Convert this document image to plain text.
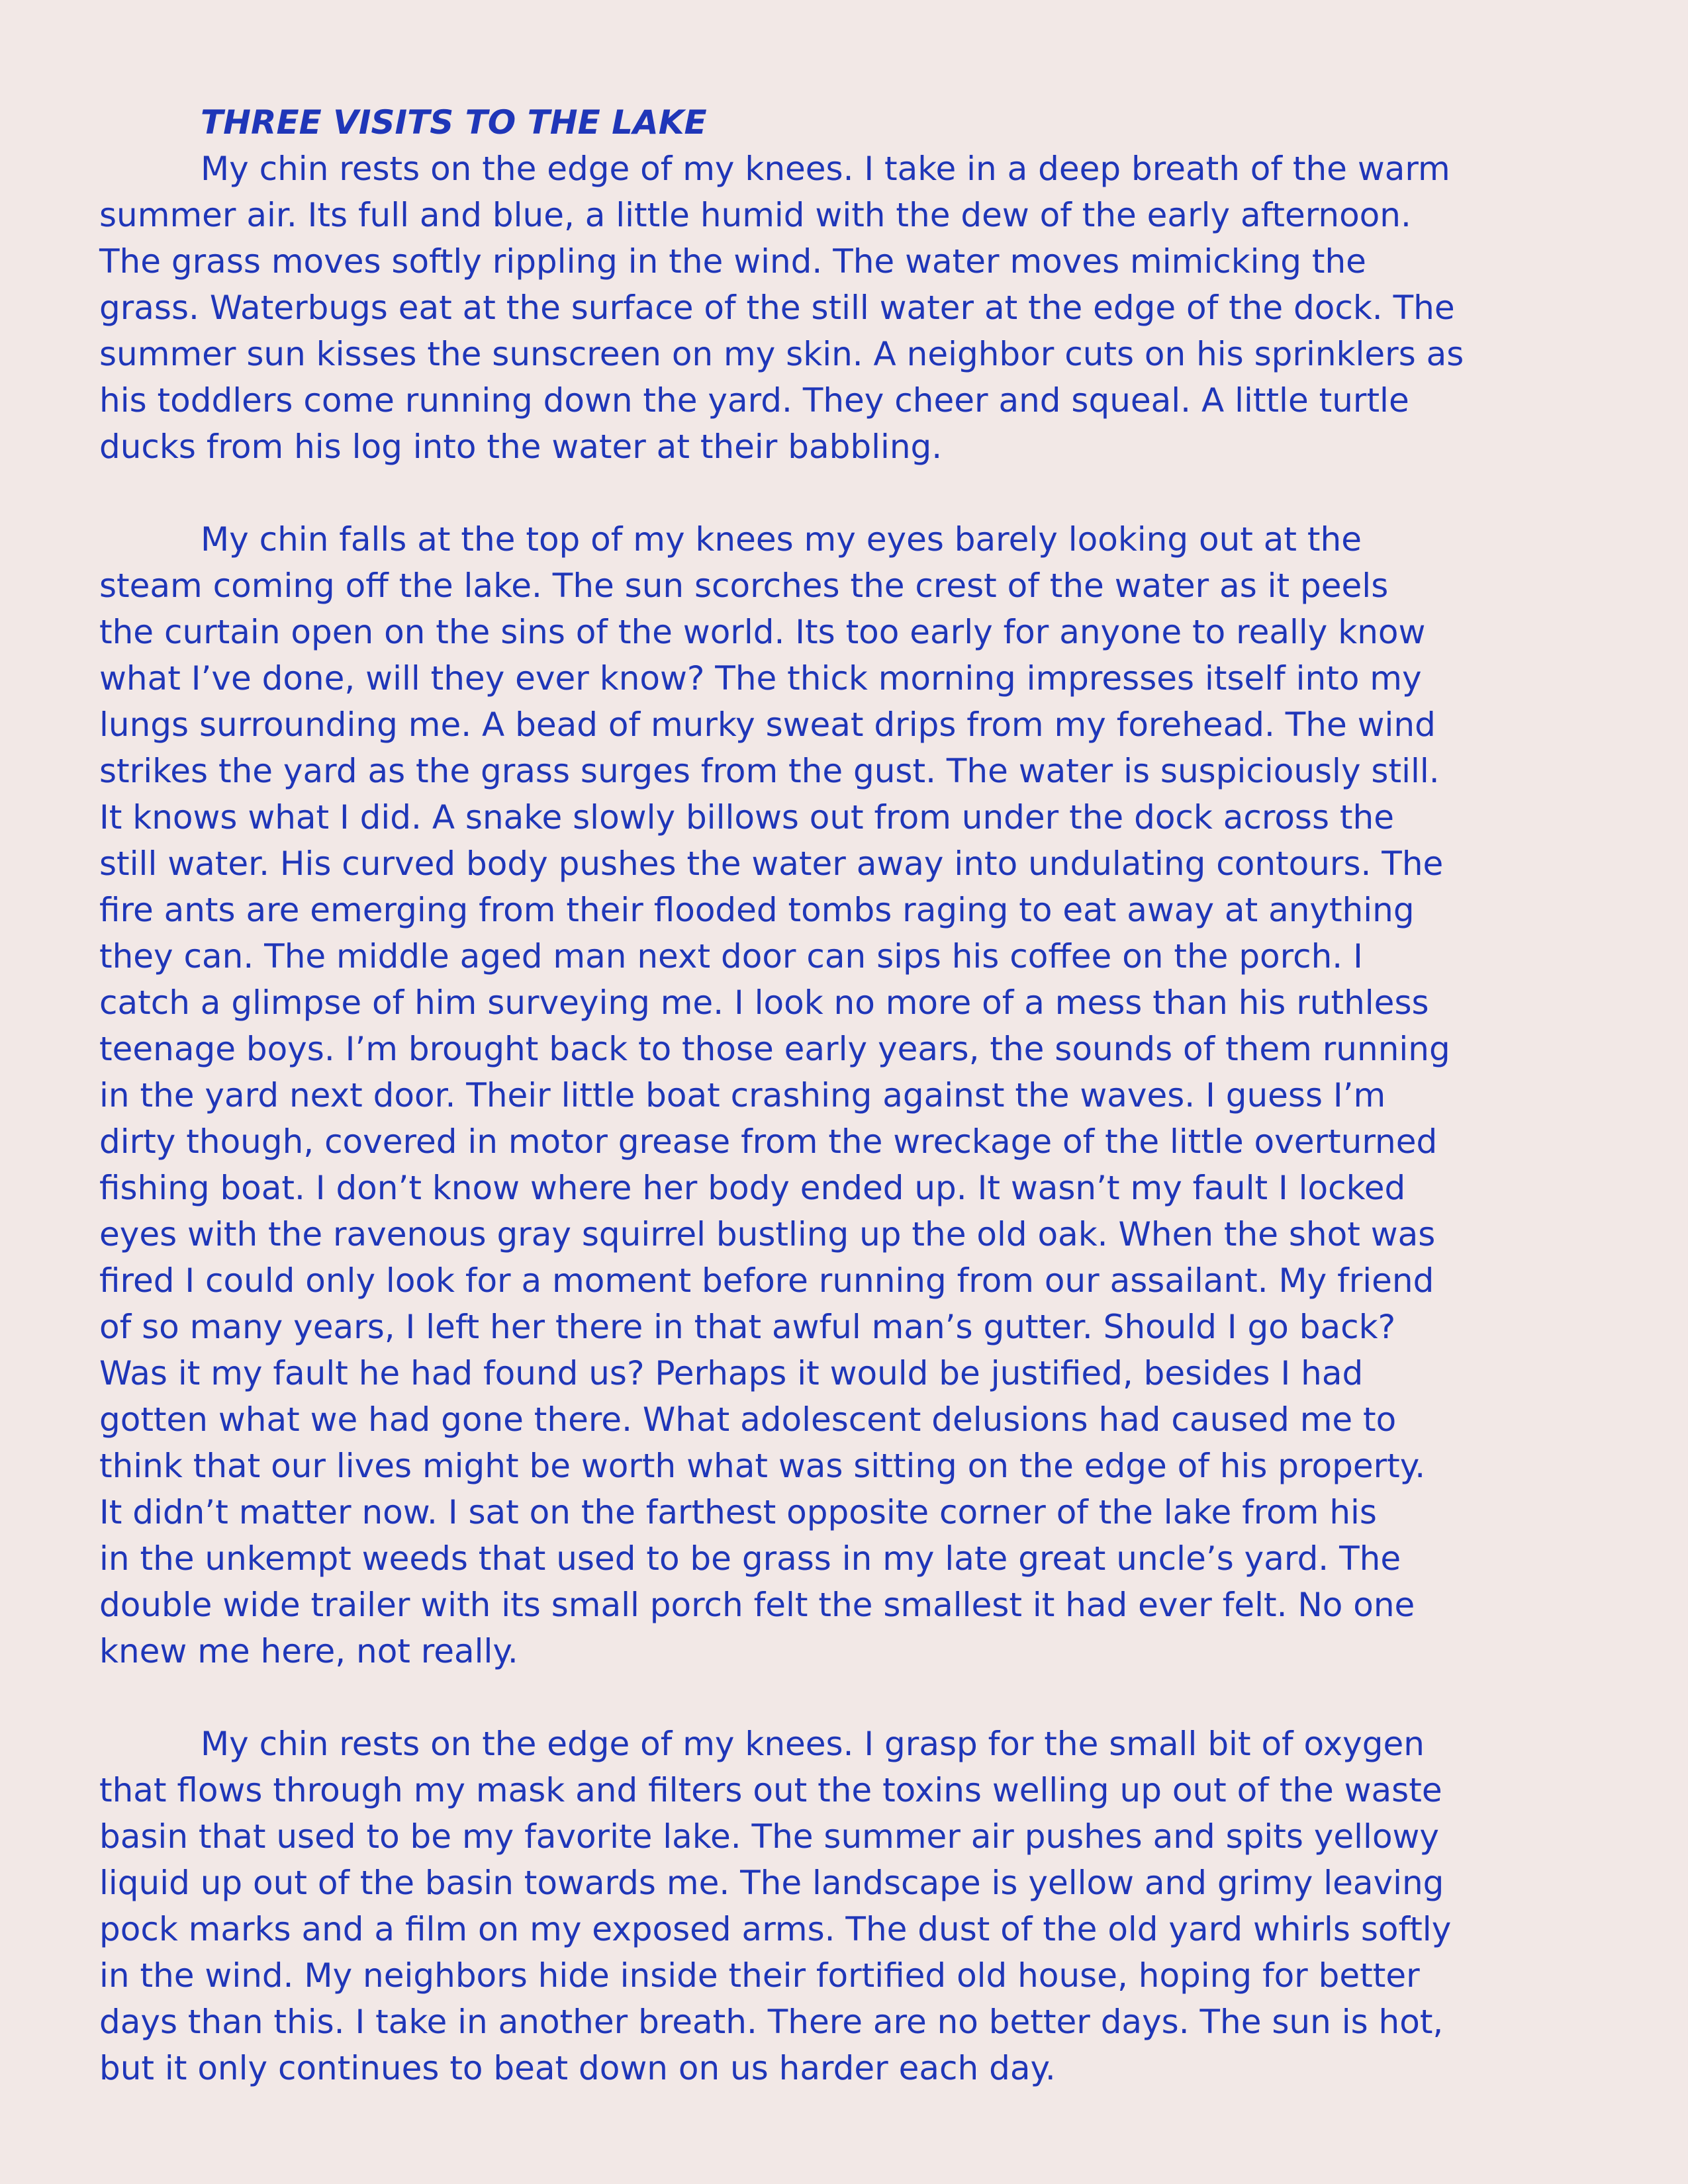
THREE VISITS TO THE LAKE

My chin rests on the edge of my knees. I take in a deep breath of the warm
summer air. Its full and blue, a little humid with the dew of the early afternoon.
The grass moves softly rippling in the wind. The water moves mimicking the
grass. Waterbugs eat at the surface of the still water at the edge of the dock. The
summer sun kisses the sunscreen on my skin. A neighbor cuts on his sprinklers as
his toddlers come running down the yard. They cheer and squeal. A little turtle
ducks from his log into the water at their babbling.

My chin falls at the top of my knees my eyes barely looking out at the
steam coming off the lake. The sun scorches the crest of the water as it peels
the curtain open on the sins of the world. Its too early for anyone to really know
what I’ve done, will they ever know? The thick morning impresses itself into my
lungs surrounding me. A bead of murky sweat drips from my forehead. The wind
strikes the yard as the grass surges from the gust. The water is suspiciously still.
It knows what I did. A snake slowly billows out from under the dock across the
still water. His curved body pushes the water away into undulating contours. The
fire ants are emerging from their flooded tombs raging to eat away at anything
they can. The middle aged man next door can sips his coffee on the porch. I
catch a glimpse of him surveying me. I look no more of a mess than his ruthless
teenage boys. I’m brought back to those early years, the sounds of them running
in the yard next door. Their little boat crashing against the waves. I guess I’m
dirty though, covered in motor grease from the wreckage of the little overturned
fishing boat. I don’t know where her body ended up. It wasn’t my fault I locked
eyes with the ravenous gray squirrel bustling up the old oak. When the shot was
fired I could only look for a moment before running from our assailant. My friend
of so many years, I left her there in that awful man’s gutter. Should I go back?
Was it my fault he had found us? Perhaps it would be justified, besides I had
gotten what we had gone there. What adolescent delusions had caused me to
think that our lives might be worth what was sitting on the edge of his property.
It didn’t matter now. I sat on the farthest opposite corner of the lake from his
in the unkempt weeds that used to be grass in my late great uncle’s yard. The
double wide trailer with its small porch felt the smallest it had ever felt. No one
knew me here, not really.

My chin rests on the edge of my knees. I grasp for the small bit of oxygen
that flows through my mask and filters out the toxins welling up out of the waste
basin that used to be my favorite lake. The summer air pushes and spits yellowy
liquid up out of the basin towards me. The landscape is yellow and grimy leaving
pock marks and a film on my exposed arms. The dust of the old yard whirls softly
in the wind. My neighbors hide inside their fortified old house, hoping for better
days than this. I take in another breath. There are no better days. The sun is hot,
but it only continues to beat down on us harder each day.
